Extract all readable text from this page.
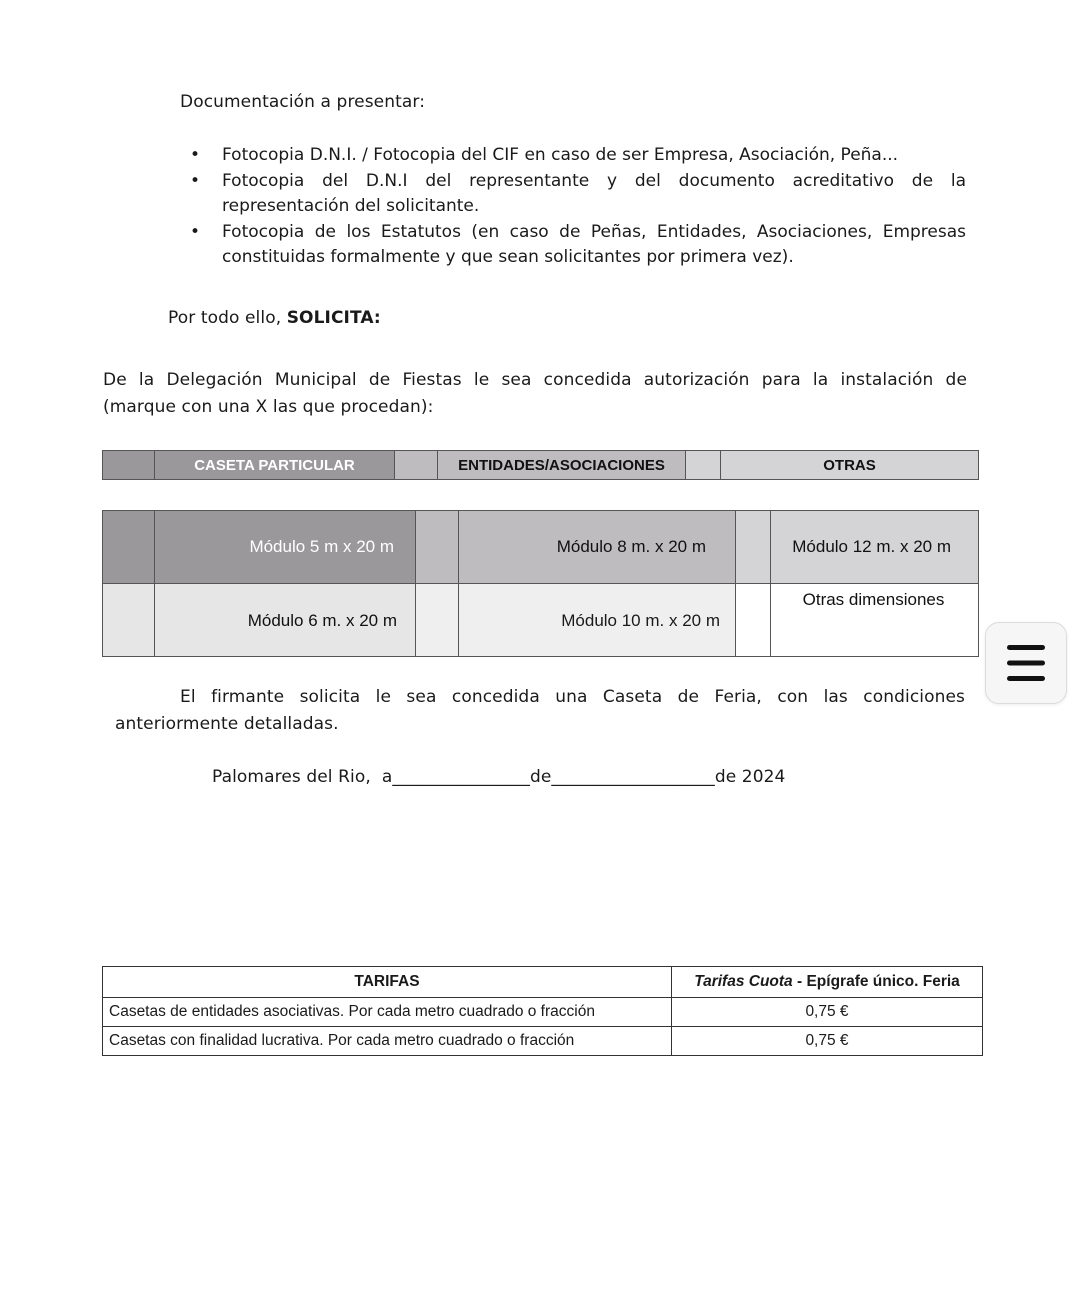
Documentación a presentar:
• Fotocopia D.N.I. / Fotocopia del CIF en caso de ser Empresa, Asociación, Peña...
• Fotocopia del D.N.I del representante y del documento acreditativo de la
representación del solicitante.
• Fotocopia de los Estatutos (en caso de Peñas, Entidades, Asociaciones, Empresas
constituidas formalmente y que sean solicitantes por primera vez).
Por todo ello, SOLICITA:
De la Delegación Municipal de Fiestas le sea concedida autorización para la instalación de
(marque con una X las que procedan):
	CASETA PARTICULAR		ENTIDADES/ASOCIACIONES		OTRAS
	Módulo 5 m x 20 m		Módulo 8 m. x 20 m		Módulo 12 m. x 20 m
	Módulo 6 m. x 20 m		Módulo 10 m. x 20 m		Otras dimensiones
El firmante solicita le sea concedida una Caseta de Feria, con las condiciones
anteriormente detalladas.
Palomares del Rio,  a________________de___________________de 2024
TARIFAS	Tarifas Cuota - Epígrafe único. Feria
Casetas de entidades asociativas. Por cada metro cuadrado o fracción	0,75 €
Casetas con finalidad lucrativa. Por cada metro cuadrado o fracción	0,75 €
